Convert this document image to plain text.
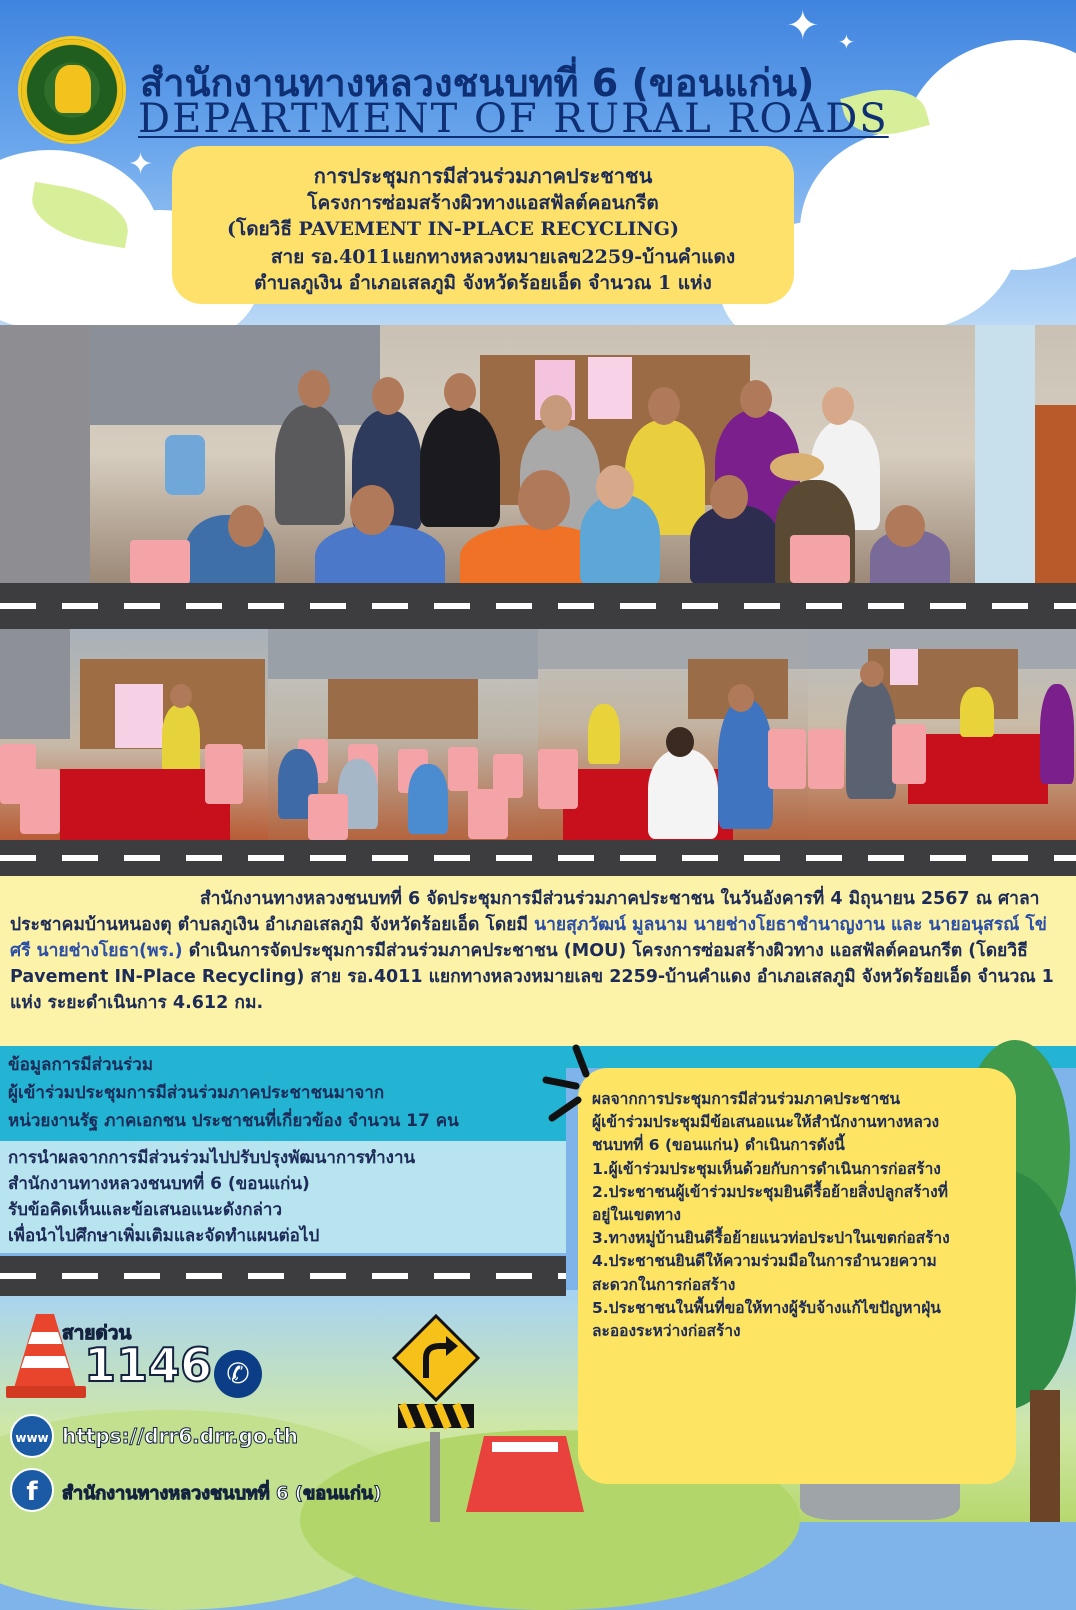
✦ ✦
✦
✦
สำนักงานทางหลวงชนบทที่ 6 (ขอนแก่น)
DEPARTMENT OF RURAL ROADS
การประชุมการมีส่วนร่วมภาคประชาชน
โครงการซ่อมสร้างผิวทางแอสฟัลต์คอนกรีต
(โดยวิธี PAVEMENT IN-PLACE RECYCLING)
สาย รอ.4011แยกทางหลวงหมายเลข2259-บ้านคำแดง
ตำบลภูเงิน อำเภอเสลภูมิ จังหวัดร้อยเอ็ด จำนวณ 1 แห่ง
สำนักงานทางหลวงชนบทที่ 6 จัดประชุมการมีส่วนร่วมภาคประชาชน ในวันอังคารที่ 4 มิถุนายน 2567 ณ ศาลาประชาคมบ้านหนองตุ ตำบลภูเงิน อำเภอเสลภูมิ จังหวัดร้อยเอ็ด โดยมี นายสุภวัฒน์ มูลนาม นายช่างโยธาชำนาญงาน และ นายอนุสรณ์ โข่ศรี นายช่างโยธา(พร.) ดำเนินการจัดประชุมการมีส่วนร่วมภาคประชาชน (MOU) โครงการซ่อมสร้างผิวทาง แอสฟัลต์คอนกรีต (โดยวิธี Pavement IN-Place Recycling) สาย รอ.4011 แยกทางหลวงหมายเลข 2259-บ้านคำแดง อำเภอเสลภูมิ จังหวัดร้อยเอ็ด จำนวณ 1 แห่ง ระยะดำเนินการ 4.612 กม.
ข้อมูลการมีส่วนร่วม
ผู้เข้าร่วมประชุมการมีส่วนร่วมภาคประชาชนมาจาก
หน่วยงานรัฐ ภาคเอกชน ประชาชนที่เกี่ยวข้อง จำนวน 17 คน
การนำผลจากการมีส่วนร่วมไปปรับปรุงพัฒนาการทำงาน
สำนักงานทางหลวงชนบทที่ 6 (ขอนแก่น)
รับข้อคิดเห็นและข้อเสนอแนะดังกล่าว
เพื่อนำไปศึกษาเพิ่มเติมและจัดทำแผนต่อไป
ผลจากการประชุมการมีส่วนร่วมภาคประชาชน
ผู้เข้าร่วมประชุมมีข้อเสนอแนะให้สำนักงานทางหลวงชนบทที่ 6 (ขอนแก่น) ดำเนินการดังนี้
1.ผู้เข้าร่วมประชุมเห็นด้วยกับการดำเนินการก่อสร้าง
2.ประชาชนผู้เข้าร่วมประชุมยินดีรื้อย้ายสิ่งปลูกสร้างที่อยู่ในเขตทาง
3.ทางหมู่บ้านยินดีรื้อย้ายแนวท่อประปาในเขตก่อสร้าง
4.ประชาชนยินดีให้ความร่วมมือในการอำนวยความสะดวกในการก่อสร้าง
5.ประชาชนในพื้นที่ขอให้ทางผู้รับจ้างแก้ไขปัญหาฝุ่นละอองระหว่างก่อสร้าง
สายด่วน
1146 ✆
www https://drr6.drr.go.th
f	สำนักงานทางหลวงชนบทที่ 6 (ขอนแก่น)
